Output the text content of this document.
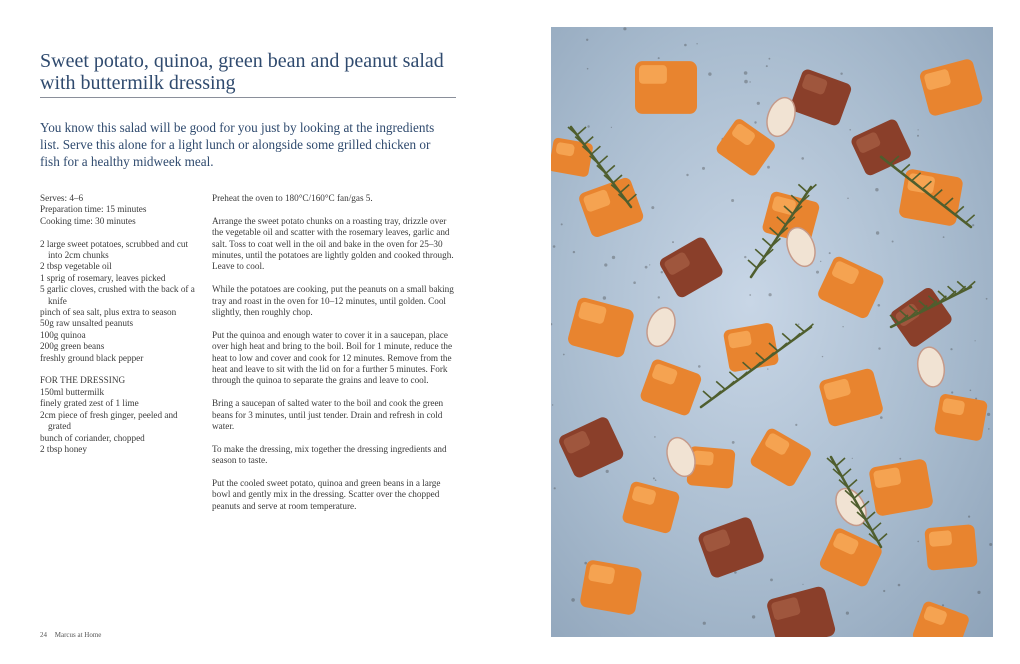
Sweet potato, quinoa, green bean and peanut salad with buttermilk dressing

You know this salad will be good for you just by looking at the ingredients list. Serve this alone for a light lunch or alongside some grilled chicken or fish for a healthy midweek meal.

Serves: 4–6
Preparation time: 15 minutes
Cooking time: 30 minutes
2 large sweet potatoes, scrubbed and cut into 2cm chunks
2 tbsp vegetable oil
1 sprig of rosemary, leaves picked
5 garlic cloves, crushed with the back of a knife
pinch of sea salt, plus extra to season
50g raw unsalted peanuts
100g quinoa
200g green beans
freshly ground black pepper
FOR THE DRESSING
150ml buttermilk
finely grated zest of 1 lime
2cm piece of fresh ginger, peeled and grated
bunch of coriander, chopped
2 tbsp honey

Preheat the oven to 180°C/160°C fan/gas 5.

Arrange the sweet potato chunks on a roasting tray, drizzle over the vegetable oil and scatter with the rosemary leaves, garlic and salt. Toss to coat well in the oil and bake in the oven for 25–30 minutes, until the potatoes are lightly golden and cooked through. Leave to cool.

While the potatoes are cooking, put the peanuts on a small baking tray and roast in the oven for 10–12 minutes, until golden. Cool slightly, then roughly chop.

Put the quinoa and enough water to cover it in a saucepan, place over high heat and bring to the boil. Boil for 1 minute, reduce the heat to low and cover and cook for 12 minutes. Remove from the heat and leave to sit with the lid on for a further 5 minutes. Fork through the quinoa to separate the grains and leave to cool.

Bring a saucepan of salted water to the boil and cook the green beans for 3 minutes, until just tender. Drain and refresh in cold water.

To make the dressing, mix together the dressing ingredients and season to taste.

Put the cooled sweet potato, quinoa and green beans in a large bowl and gently mix in the dressing. Scatter over the chopped peanuts and serve at room temperature.

24 Marcus at Home
